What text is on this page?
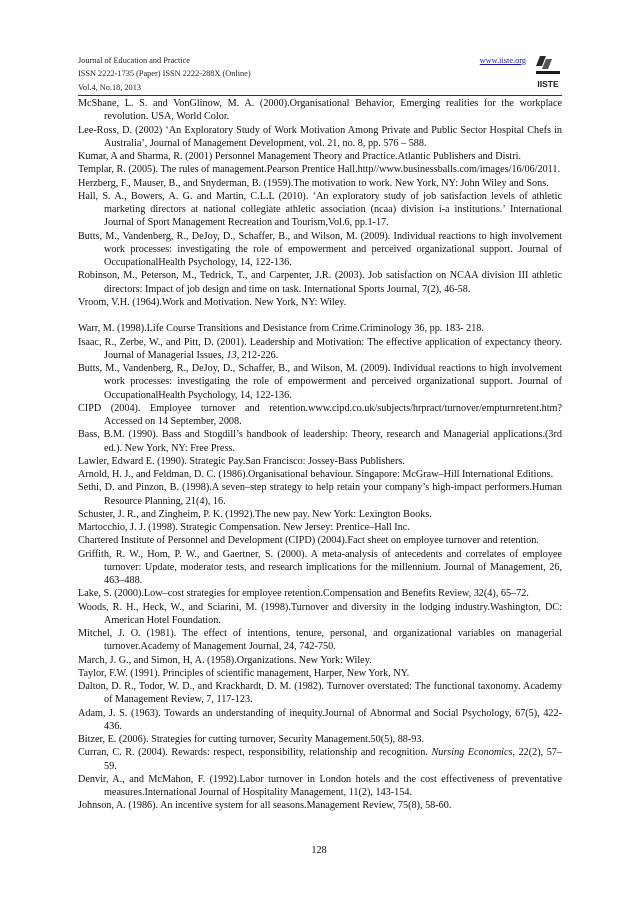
Journal of Education and Practice
ISSN 2222-1735 (Paper) ISSN 2222-288X (Online)
Vol.4, No.18, 2013
www.iiste.org
IISTE

McShane, L. S. and VonGlinow, M. A. (2000).Organisational Behavior, Emerging realities for the workplace revolution. USA, World Color.

Lee-Ross, D. (2002) ‘An Exploratory Study of Work Motivation Among Private and Public Sector Hospital Chefs in Australia’, Journal of Management Development, vol. 21, no. 8, pp. 576 – 588.

Kumar, A and Sharma, R. (2001) Personnel Management Theory and Practice.Atlantic Publishers and Distri.

Templar, R. (2005). The rules of management.Pearson Prentice Hall.http//www.businessballs.com/images/16/06/2011.

Herzberg, F., Mauser, B., and Snyderman, B. (1959).The motivation to work. New York, NY: John Wiley and Sons.

Hall, S. A., Bowers, A. G. and Martin, C.L.L (2010). ‘An exploratory study of job satisfaction levels of athletic marketing directors at national collegiate athletic association (ncaa) division i-a institutions.’ International Journal of Sport Management Recreation and Tourism,Vol.6, pp.1-17.

Butts, M., Vandenberg, R., DeJoy, D., Schaffer, B., and Wilson, M. (2009). Individual reactions to high involvement work processes: investigating the role of empowerment and perceived organizational support. Journal of OccupationalHealth Psychology, 14, 122-136.

Robinson, M., Peterson, M., Tedrick, T., and Carpenter, J.R. (2003). Job satisfaction on NCAA division III athletic directors: Impact of job design and time on task. International Sports Journal, 7(2), 46-58.

Vroom, V.H. (1964).Work and Motivation. New York, NY: Wiley.

Warr, M. (1998).Life Course Transitions and Desistance from Crime.Criminology 36, pp. 183- 218.

Isaac, R., Zerbe, W., and Pitt, D. (2001). Leadership and Motivation: The effective application of expectancy theory. Journal of Managerial Issues, 13, 212-226.

Butts, M., Vandenberg, R., DeJoy, D., Schaffer, B., and Wilson, M. (2009). Individual reactions to high involvement work processes: investigating the role of empowerment and perceived organizational support. Journal of OccupationalHealth Psychology, 14, 122-136.

CIPD (2004). Employee turnover and retention.www.cipd.co.uk/subjects/hrpract/turnover/empturnretent.htm?Accessed on 14 September, 2008.

Bass, B.M. (1990). Bass and Stogdill’s handbook of leadership: Theory, research and Managerial applications.(3rd ed.). New York, NY: Free Press.

Lawler, Edward E. (1990). Strategic Pay.San Francisco: Jossey-Bass Publishers.

Arnold, H. J., and Feldman, D. C. (1986).Organisational behaviour. Singapore: McGraw–Hill International Editions.

Sethi, D. and Pinzon, B. (1998).A seven–step strategy to help retain your company’s high-impact performers.Human Resource Planning, 21(4), 16.

Schuster, J. R., and Zingheim, P. K. (1992).The new pay. New York: Lexington Books.

Martocchio, J. J. (1998). Strategic Compensation. New Jersey: Prentice–Hall Inc.

Chartered Institute of Personnel and Development (CIPD) (2004).Fact sheet on employee turnover and retention.

Griffith, R. W., Hom, P. W., and Gaertner, S. (2000). A meta-analysis of antecedents and correlates of employee turnover: Update, moderator tests, and research implications for the millennium. Journal of Management, 26, 463–488.

Lake, S. (2000).Low–cost strategies for employee retention.Compensation and Benefits Review, 32(4), 65–72.

Woods, R. H., Heck, W., and Sciarini, M. (1998).Turnover and diversity in the lodging industry.Washington, DC: American Hotel Foundation.

Mitchel, J. O. (1981). The effect of intentions, tenure, personal, and organizational variables on managerial turnover.Academy of Management Journal, 24, 742-750.

March, J. G., and Simon, H, A. (1958).Organizations. New York: Wiley.

Taylor, F.W. (1991). Principles of scientific management, Harper, New York, NY.

Dalton, D. R., Todor, W. D., and Krackhardt, D. M. (1982). Turnover overstated: The functional taxonomy. Academy of Management Review, 7, 117-123.

Adam, J. S. (1963). Towards an understanding of inequity.Journal of Abnormal and Social Psychology, 67(5), 422-436.

Bitzer, E. (2006). Strategies for cutting turnover, Security Management.50(5), 88-93.

Curran, C. R. (2004). Rewards: respect, responsibility, relationship and recognition. Nursing Economics, 22(2), 57–59.

Denvir, A., and McMahon, F. (1992).Labor turnover in London hotels and the cost effectiveness of preventative measures.International Journal of Hospitality Management, 11(2), 143-154.

Johnson, A. (1986). An incentive system for all seasons.Management Review, 75(8), 58-60.

128
